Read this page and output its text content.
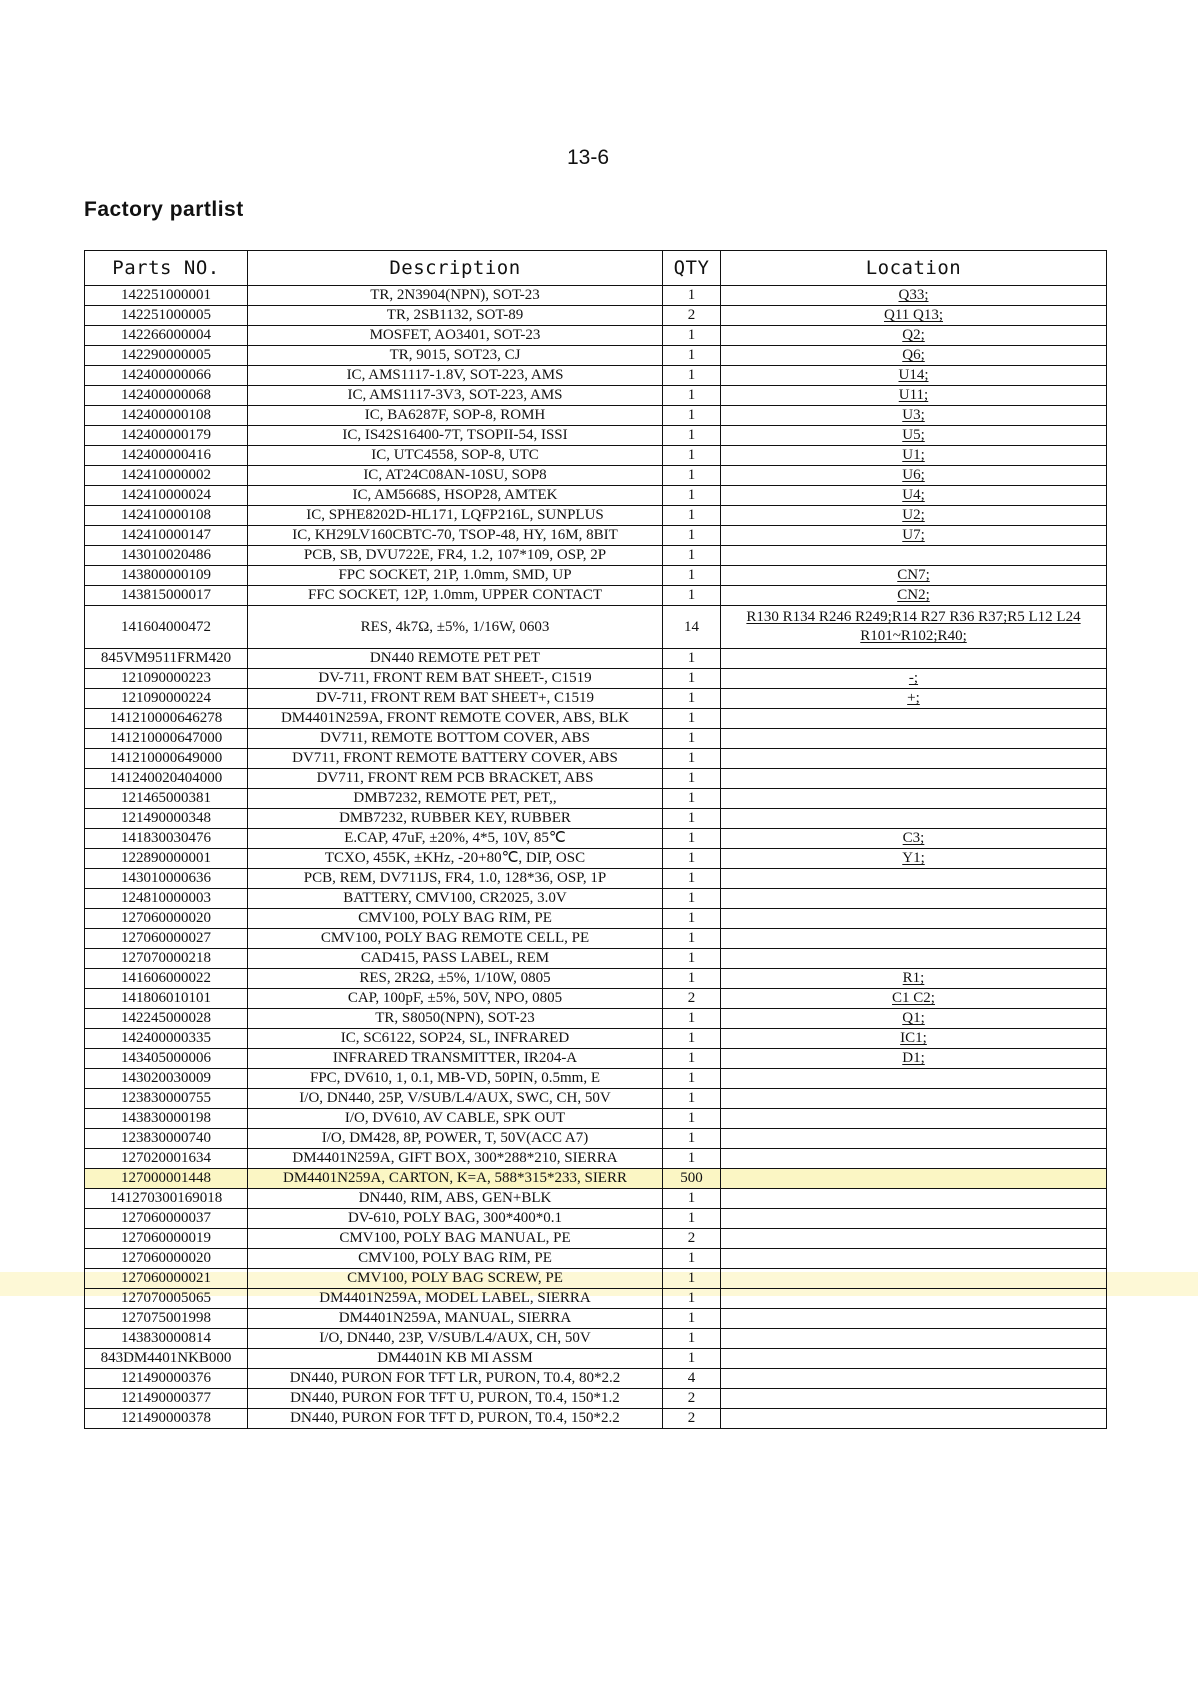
13-6
Factory partlist
Parts NO.	Description	QTY	Location
142251000001	TR, 2N3904(NPN), SOT-23	1	Q33;
142251000005	TR, 2SB1132, SOT-89	2	Q11 Q13;
142266000004	MOSFET, AO3401, SOT-23	1	Q2;
142290000005	TR, 9015, SOT23, CJ	1	Q6;
142400000066	IC, AMS1117-1.8V, SOT-223, AMS	1	U14;
142400000068	IC, AMS1117-3V3, SOT-223, AMS	1	U11;
142400000108	IC, BA6287F, SOP-8, ROMH	1	U3;
142400000179	IC, IS42S16400-7T, TSOPII-54, ISSI	1	U5;
142400000416	IC, UTC4558, SOP-8, UTC	1	U1;
142410000002	IC, AT24C08AN-10SU, SOP8	1	U6;
142410000024	IC, AM5668S, HSOP28, AMTEK	1	U4;
142410000108	IC, SPHE8202D-HL171, LQFP216L, SUNPLUS	1	U2;
142410000147	IC, KH29LV160CBTC-70, TSOP-48, HY, 16M, 8BIT	1	U7;
143010020486	PCB, SB, DVU722E, FR4, 1.2, 107*109, OSP, 2P	1	
143800000109	FPC SOCKET, 21P, 1.0mm, SMD, UP	1	CN7;
143815000017	FFC SOCKET, 12P, 1.0mm, UPPER CONTACT	1	CN2;
141604000472	RES, 4k7Ω, ±5%, 1/16W, 0603	14	R130 R134 R246 R249;R14 R27 R36 R37;R5 L12 L24 R101~R102;R40;
845VM9511FRM420	DN440 REMOTE PET PET	1	
121090000223	DV-711, FRONT REM BAT SHEET-, C1519	1	-;
121090000224	DV-711, FRONT REM BAT SHEET+, C1519	1	+;
141210000646278	DM4401N259A, FRONT REMOTE COVER, ABS, BLK	1	
141210000647000	DV711, REMOTE BOTTOM COVER, ABS	1	
141210000649000	DV711, FRONT REMOTE BATTERY COVER, ABS	1	
141240020404000	DV711, FRONT REM PCB BRACKET, ABS	1	
121465000381	DMB7232, REMOTE PET, PET,,	1	
121490000348	DMB7232, RUBBER KEY, RUBBER	1	
141830030476	E.CAP, 47uF, ±20%, 4*5, 10V, 85℃	1	C3;
122890000001	TCXO, 455K, ±KHz, -20+80℃, DIP, OSC	1	Y1;
143010000636	PCB, REM, DV711JS, FR4, 1.0, 128*36, OSP, 1P	1	
124810000003	BATTERY, CMV100, CR2025, 3.0V	1	
127060000020	CMV100, POLY BAG RIM, PE	1	
127060000027	CMV100, POLY BAG REMOTE CELL, PE	1	
127070000218	CAD415, PASS LABEL, REM	1	
141606000022	RES, 2R2Ω, ±5%, 1/10W, 0805	1	R1;
141806010101	CAP, 100pF, ±5%, 50V, NPO, 0805	2	C1 C2;
142245000028	TR, S8050(NPN), SOT-23	1	Q1;
142400000335	IC, SC6122, SOP24, SL, INFRARED	1	IC1;
143405000006	INFRARED TRANSMITTER, IR204-A	1	D1;
143020030009	FPC, DV610, 1, 0.1, MB-VD, 50PIN, 0.5mm, E	1	
123830000755	I/O, DN440, 25P, V/SUB/L4/AUX, SWC, CH, 50V	1	
143830000198	I/O, DV610, AV CABLE, SPK OUT	1	
123830000740	I/O, DM428, 8P, POWER, T, 50V(ACC A7)	1	
127020001634	DM4401N259A, GIFT BOX, 300*288*210, SIERRA	1	
127000001448	DM4401N259A, CARTON, K=A, 588*315*233, SIERR	500	
141270300169018	DN440, RIM, ABS, GEN+BLK	1	
127060000037	DV-610, POLY BAG, 300*400*0.1	1	
127060000019	CMV100, POLY BAG MANUAL, PE	2	
127060000020	CMV100, POLY BAG RIM, PE	1	
127060000021	CMV100, POLY BAG SCREW, PE	1	
127070005065	DM4401N259A, MODEL LABEL, SIERRA	1	
127075001998	DM4401N259A, MANUAL, SIERRA	1	
143830000814	I/O, DN440, 23P, V/SUB/L4/AUX, CH, 50V	1	
843DM4401NKB000	DM4401N KB MI ASSM	1	
121490000376	DN440, PURON FOR TFT LR, PURON, T0.4, 80*2.2	4	
121490000377	DN440, PURON FOR TFT U, PURON, T0.4, 150*1.2	2	
121490000378	DN440, PURON FOR TFT D, PURON, T0.4, 150*2.2	2	
